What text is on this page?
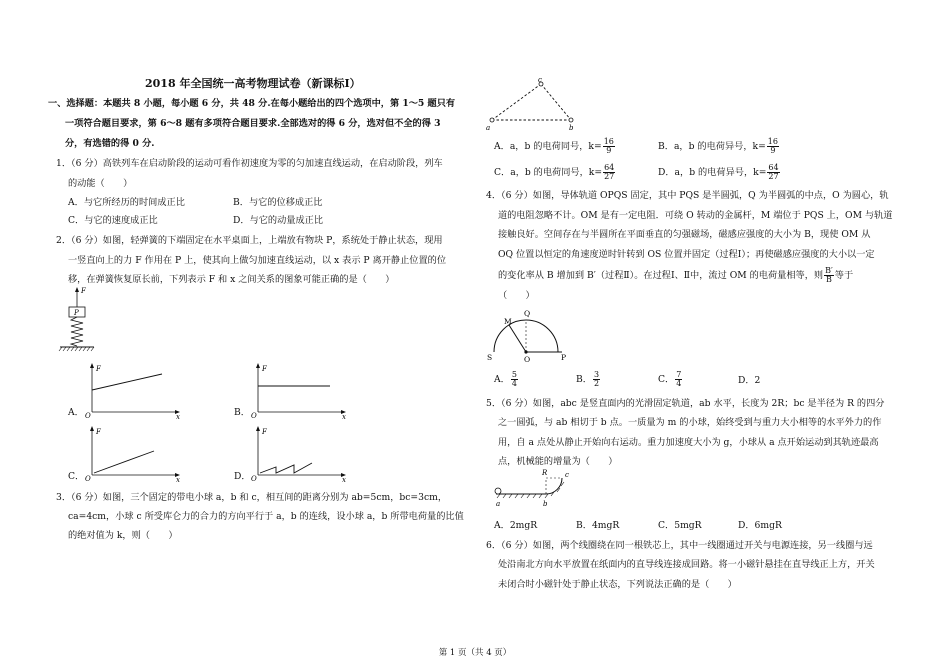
2018 年全国统一高考物理试卷（新课标Ⅰ）
一、选择题：本题共 8 小题，每小题 6 分，共 48 分.在每小题给出的四个选项中，第 1～5 题只有
一项符合题目要求，第 6～8 题有多项符合题目要求.全部选对的得 6 分，选对但不全的得 3
分，有选错的得 0 分.
1．（6 分）高铁列车在启动阶段的运动可看作初速度为零的匀加速直线运动，在启动阶段，列车
的动能（　　）
A．与它所经历的时间成正比	B．与它的位移成正比
C．与它的速度成正比	D．与它的动量成正比
2．（6 分）如图，轻弹簧的下端固定在水平桌面上，上端放有物块 P，系统处于静止状态，现用
一竖直向上的力 F 作用在 P 上，使其向上做匀加速直线运动，以 x 表示 P 离开静止位置的位
移，在弹簧恢复原长前，下列表示 F 和 x 之间关系的图象可能正确的是（　　）
F
P
A．
F
O	x	B．
F
O	x
C．
F
O	x	D．
F
O	x
3．（6 分）如图，三个固定的带电小球 a，b 和 c，相互间的距离分别为 ab=5cm，bc=3cm，
ca=4cm，小球 c 所受库仑力的合力的方向平行于 a，b 的连线，设小球 a，b 所带电荷量的比值
的绝对值为 k，则（　　）
a
c
b
A．a，b 的电荷同号，$k= \frac{16}{9}$	B．a，b 的电荷异号，$k= \frac{16}{9}$
C．a，b 的电荷同号，$k= \frac{64}{27}$	D．a，b 的电荷异号，$k= \frac{64}{27}$
4．（6 分）如图，导体轨道 OPQS 固定，其中 PQS 是半圆弧，Q 为半圆弧的中点，O 为圆心，轨
道的电阻忽略不计。OM 是有一定电阻．可绕 O 转动的金属杆，M 端位于 PQS 上，OM 与轨道
接触良好。空间存在与半圆所在平面垂直的匀强磁场，磁感应强度的大小为 B，现使 OM 从
OQ 位置以恒定的角速度逆时针转到 OS 位置并固定（过程Ⅰ）；再使磁感应强度的大小以一定
的变化率从 B 增加到 B′（过程Ⅱ）。在过程Ⅰ、Ⅱ中，流过 OM 的电荷量相等，则 $\frac{B'}{B}$ 等于
（　　）
M
Q
S	O	P
A． $\frac{5}{4}$	B． $\frac{3}{2}$	C． $\frac{7}{4}$	D．2
5．（6 分）如图，abc 是竖直面内的光滑固定轨道，ab 水平，长度为 2R；bc 是半径为 R 的四分
之一圆弧，与 ab 相切于 b 点。一质量为 m 的小球，始终受到与重力大小相等的水平外力的作
用，自 a 点处从静止开始向右运动。重力加速度大小为 g，小球从 a 点开始运动到其轨迹最高
点，机械能的增量为（　　）
R	c
a	b
A．2mgR	B．4mgR	C．5mgR	D．6mgR
6．（6 分）如图，两个线圈绕在同一根铁芯上，其中一线圈通过开关与电源连接，另一线圈与远
处沿南北方向水平放置在纸面内的直导线连接成回路。将一小磁针悬挂在直导线正上方，开关
未闭合时小磁针处于静止状态，下列说法正确的是（　　）
第 1 页（共 4 页）
